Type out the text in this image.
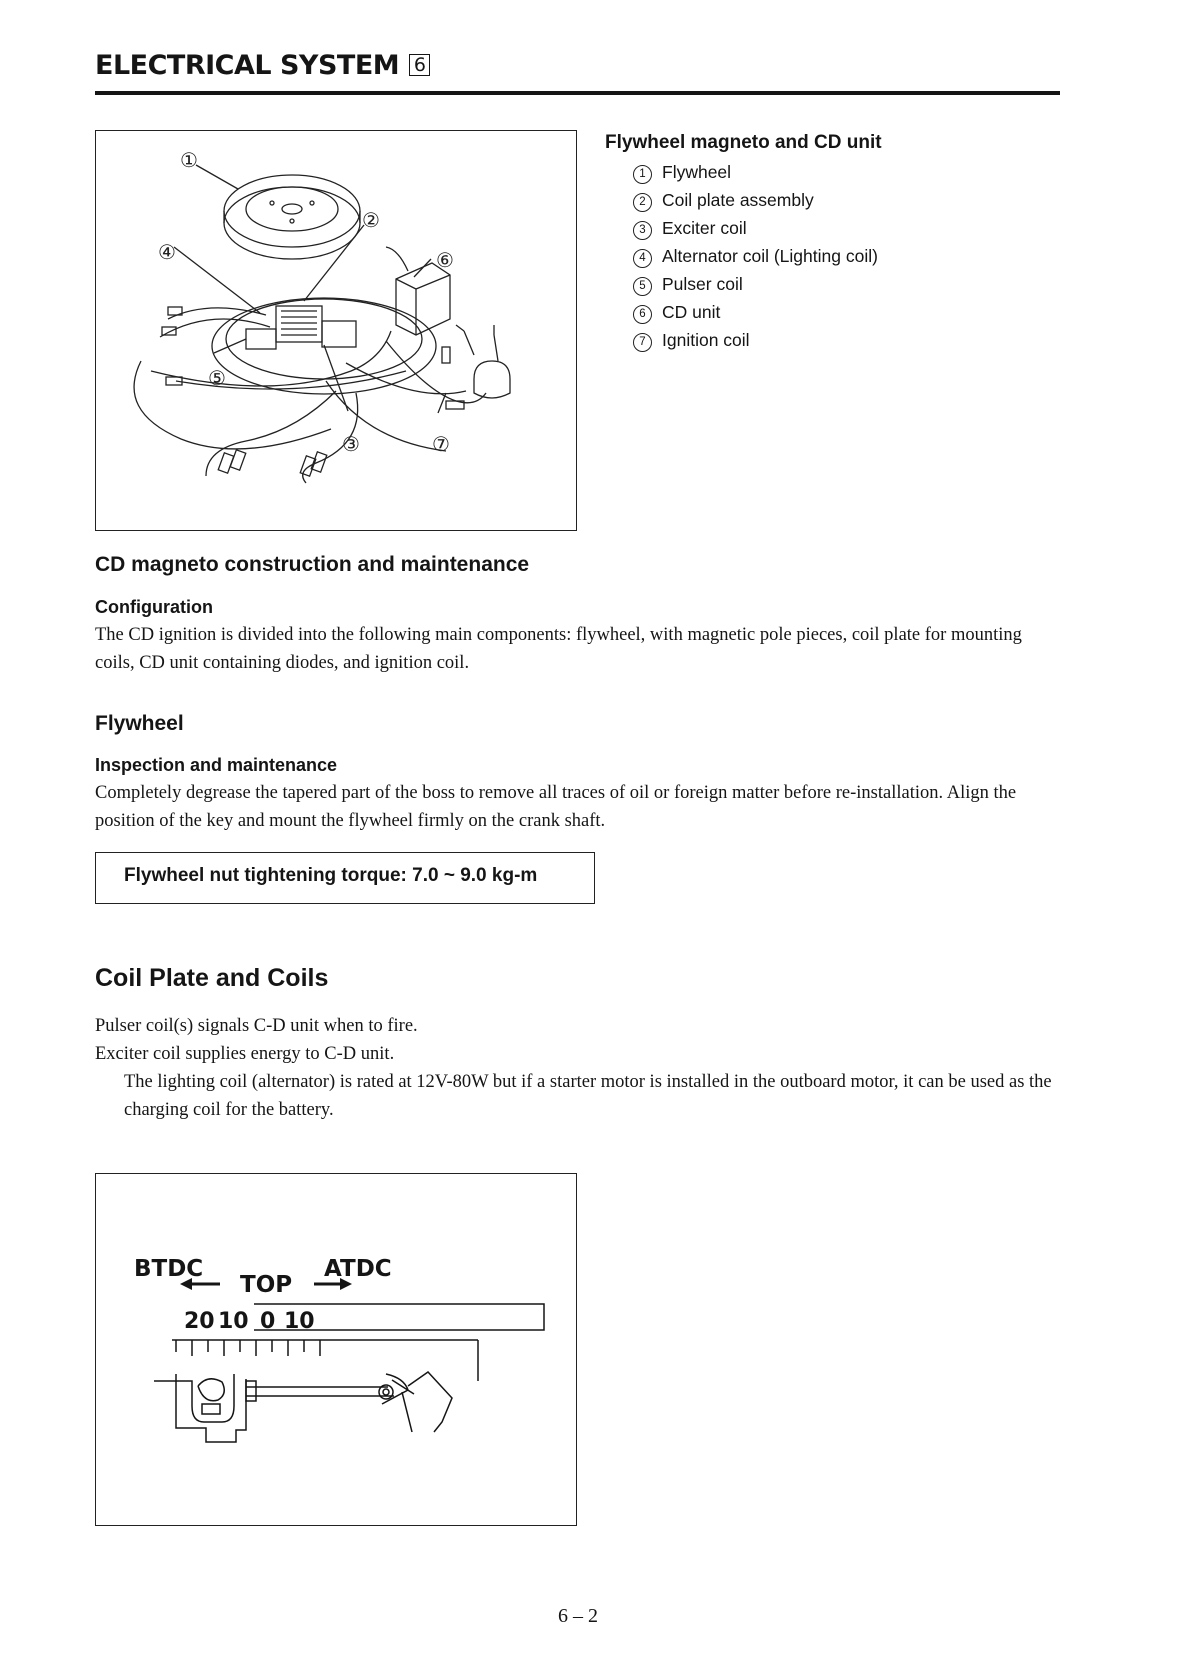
ELECTRICAL SYSTEM 6
①
②
④	⑥
⑤
③	⑦
Flywheel magneto and CD unit
1 Flywheel
2 Coil plate assembly
3 Exciter coil
4 Alternator coil (Lighting coil)
5 Pulser coil
6 CD unit
7 Ignition coil
CD magneto construction and maintenance
Configuration
The CD ignition is divided into the following main components: flywheel, with magnetic pole pieces, coil plate for mounting coils, CD unit containing diodes, and ignition coil.
Flywheel
Inspection and maintenance
Completely degrease the tapered part of the boss to remove all traces of oil or foreign matter before re-installation. Align the position of the key and mount the flywheel firmly on the crank shaft.
Flywheel nut tightening torque: 7.0 ~ 9.0 kg-m
Coil Plate and Coils
Pulser coil(s) signals C-D unit when to fire.
Exciter coil supplies energy to C-D unit.
The lighting coil (alternator) is rated at 12V-80W but if a starter motor is installed in the outboard motor, it can be used as the charging coil for the battery.
BTDC
TOP
ATDC
20 10 0 10
6 – 2
